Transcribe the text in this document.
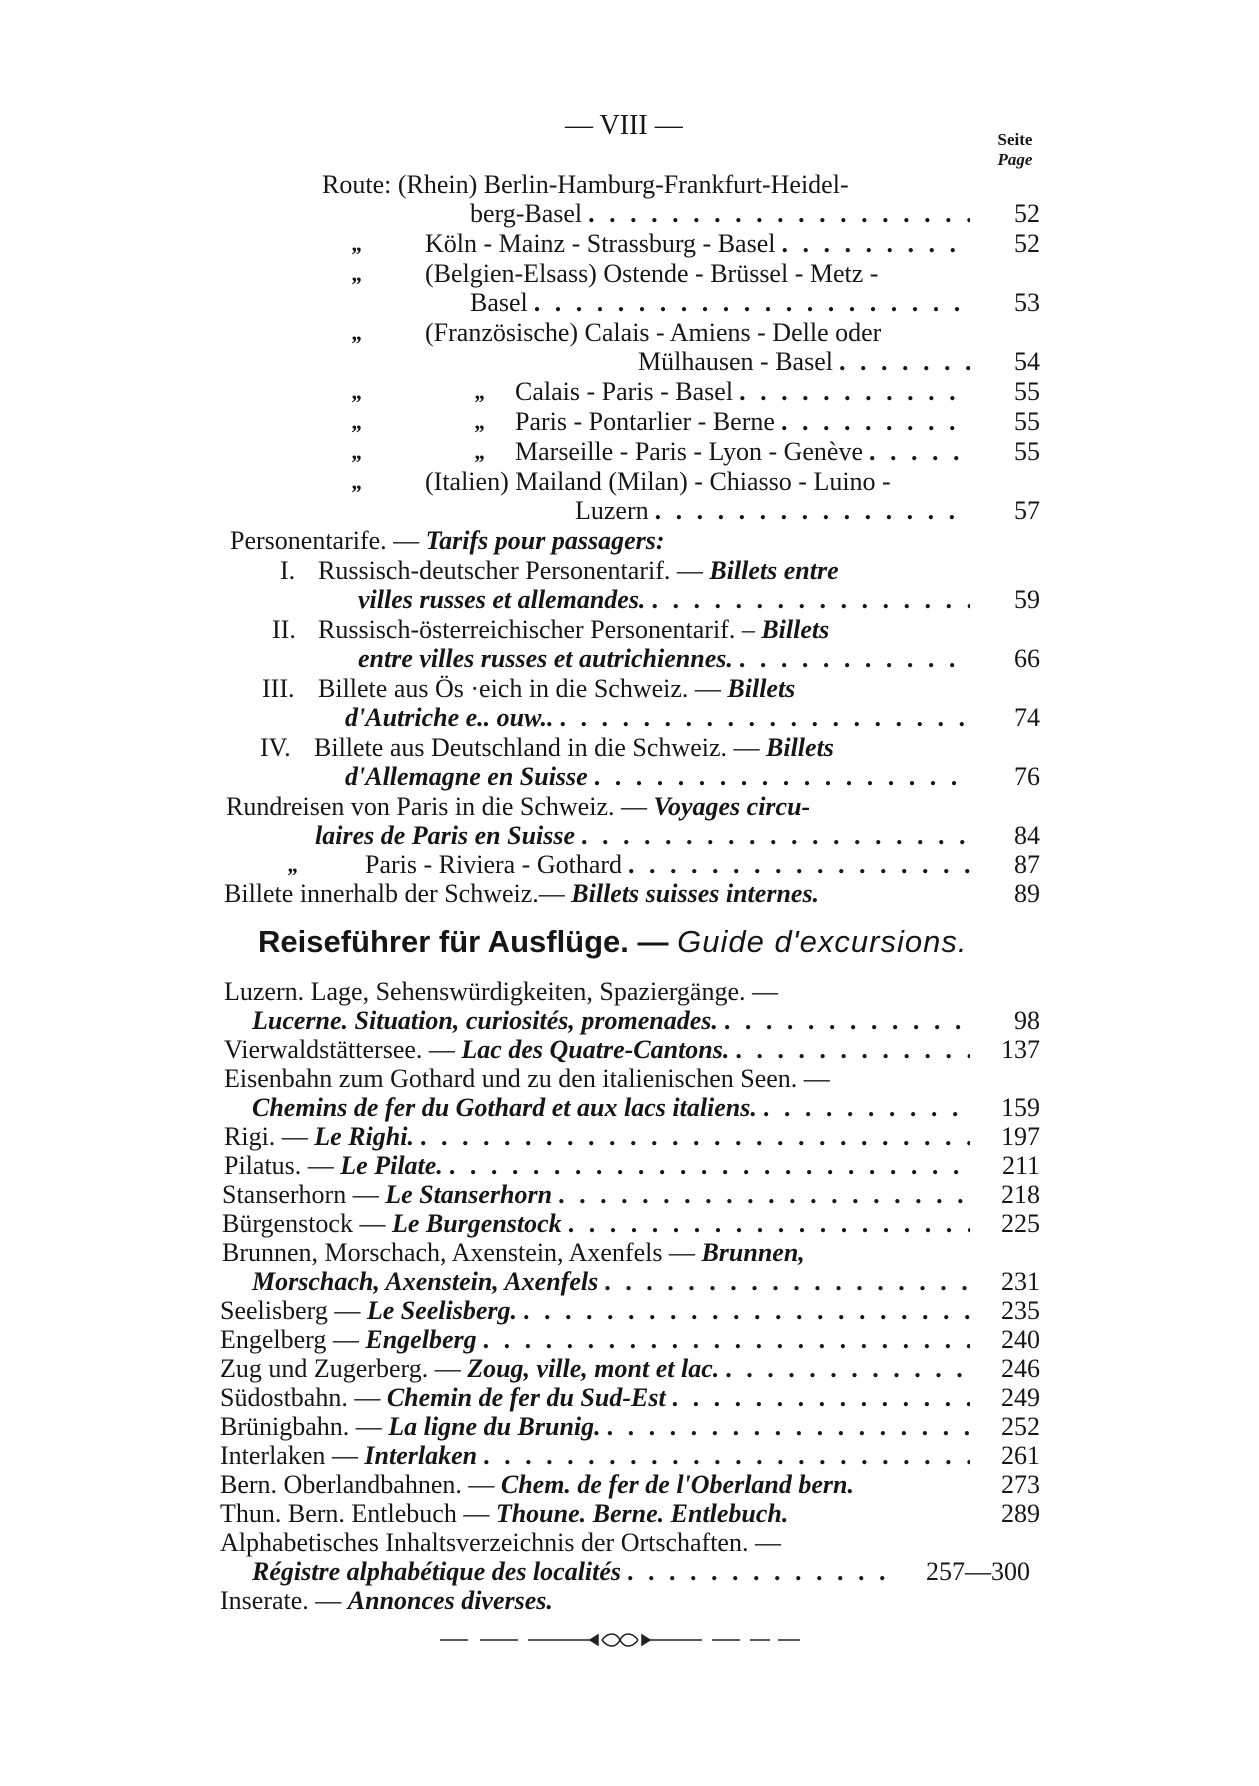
— VIII —	Seite
Page
Route: (Rhein) Berlin-Hamburg-Frankfurt-Heidel-
berg-Basel . . .	52
„ Köln - Mainz - Strassburg - Basel . . .	52
„ (Belgien-Elsass) Ostende - Brüssel - Metz -
Basel . . .	53
„ (Französische) Calais - Amiens - Delle oder
Mülhausen - Basel . . .	54
„	„ Calais - Paris - Basel . . .	55
„	„ Paris - Pontarlier - Berne . . .	55
„	„ Marseille - Paris - Lyon - Genève . . .	55
„ (Italien) Mailand (Milan) - Chiasso - Luino -
Luzern . . .	57
Personentarife. — Tarifs pour passagers:
I. Russisch-deutscher Personentarif. — Billets entre
villes russes et allemandes. . . .	59
II. Russisch-österreichischer Personentarif. – Billets
entre villes russes et autrichiennes. . . .	66
III. Billete aus Ös ·eich in die Schweiz. — Billets
d'Autriche e.. ouw.. . . .	74
IV. Billete aus Deutschland in die Schweiz. — Billets
d'Allemagne en Suisse . . .	76
Rundreisen von Paris in die Schweiz. — Voyages circu-
laires de Paris en Suisse . . .	84
„	Paris - Riviera - Gothard . . .	87
Billete innerhalb der Schweiz.— Billets suisses internes.	89
Reiseführer für Ausflüge. — Guide d'excursions.
Luzern. Lage, Sehenswürdigkeiten, Spaziergänge. —
Lucerne. Situation, curiosités, promenades. . . .	98
Vierwaldstättersee. — Lac des Quatre-Cantons. . . .	137
Eisenbahn zum Gothard und zu den italienischen Seen. —
Chemins de fer du Gothard et aux lacs italiens. . . .	159
Rigi. — Le Righi. . . .	197
Pilatus. — Le Pilate. . . .	211
Stanserhorn — Le Stanserhorn . . .	218
Bürgenstock — Le Burgenstock . . .	225
Brunnen, Morschach, Axenstein, Axenfels — Brunnen,
Morschach, Axenstein, Axenfels . . .	231
Seelisberg — Le Seelisberg. . . .	235
Engelberg — Engelberg . . .	240
Zug und Zugerberg. — Zoug, ville, mont et lac. . . .	246
Südostbahn. — Chemin de fer du Sud-Est . . .	249
Brünigbahn. — La ligne du Brunig. . . .	252
Interlaken — Interlaken . . .	261
Bern. Oberlandbahnen. — Chem. de fer de l'Oberland bern.	273
Thun. Bern. Entlebuch — Thoune. Berne. Entlebuch.	289
Alphabetisches Inhaltsverzeichnis der Ortschaften. —
Régistre alphabétique des localités . . .	257—300
Inserate. — Annonces diverses.
